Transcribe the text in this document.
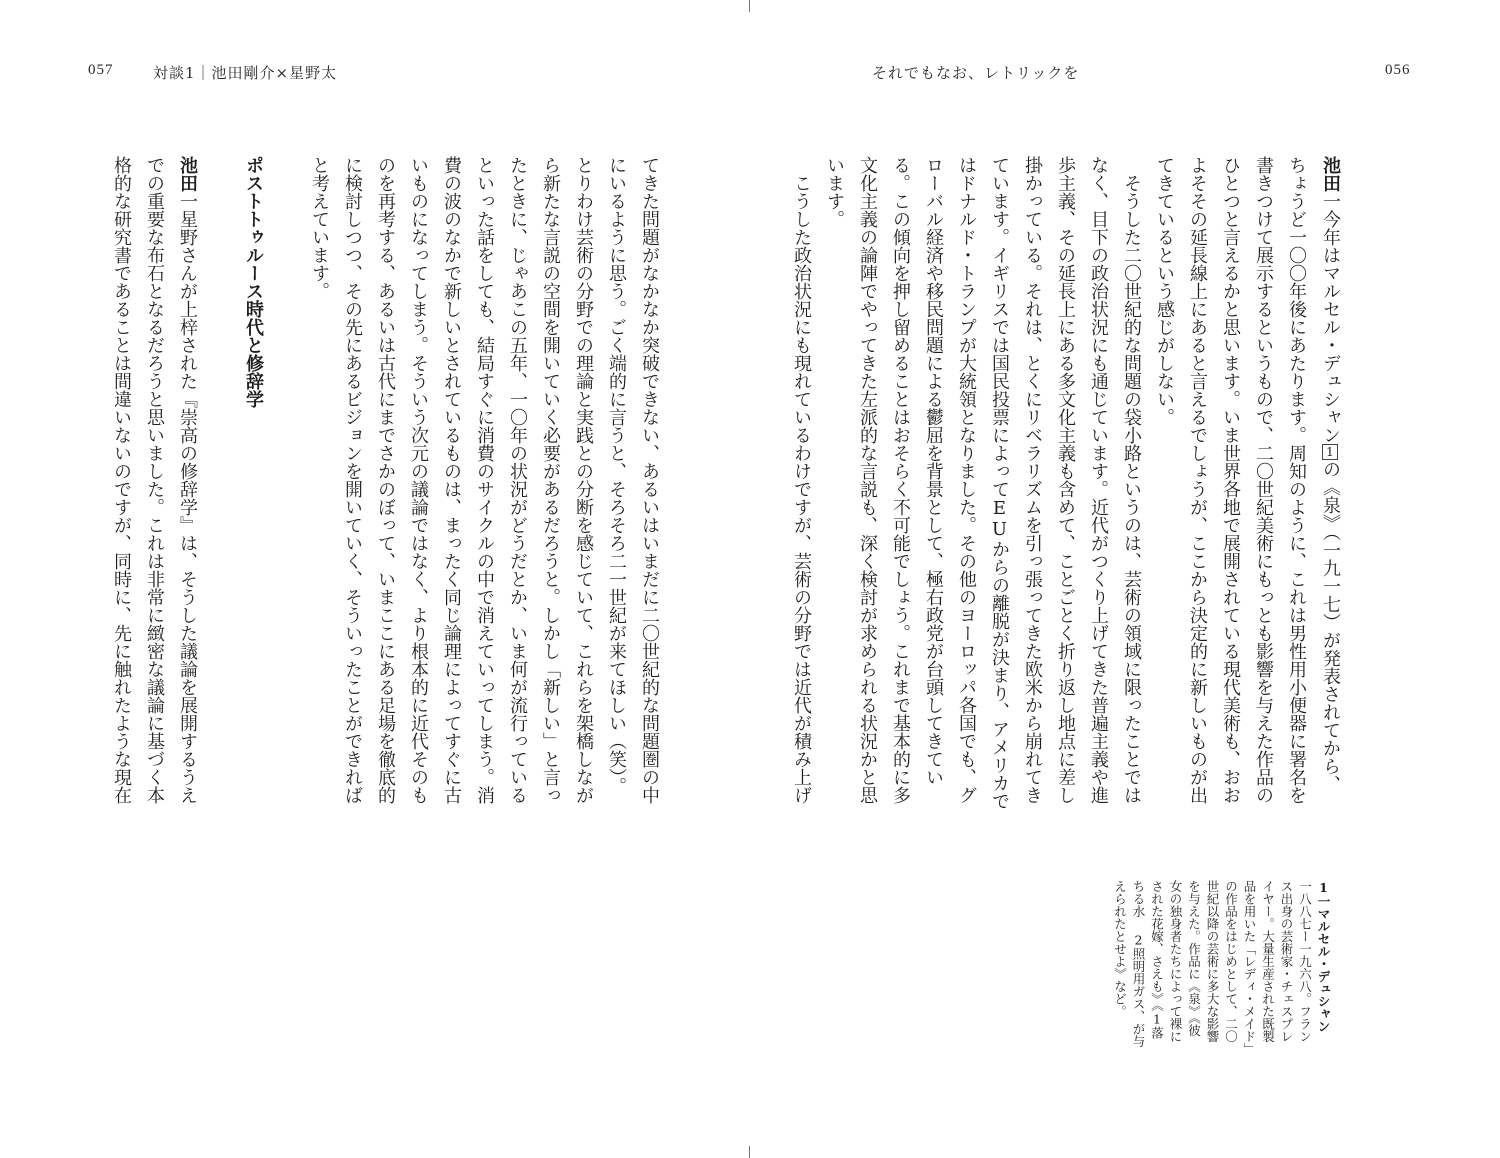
057	対談1｜池田剛介×星野太
てきた問題がなかなか突破できない、あるいはいまだに二〇世紀的な問題圏の中
にいるように思う。ごく端的に言うと、そろそろ二一世紀が来てほしい（笑）。
とりわけ芸術の分野での理論と実践との分断を感じていて、これらを架橋しなが
ら新たな言説の空間を開いていく必要があるだろうと。しかし「新しい」と言っ
たときに、じゃあこの五年、一〇年の状況がどうだとか、いま何が流行っている
といった話をしても、結局すぐに消費のサイクルの中で消えていってしまう。消
費の波のなかで新しいとされているものは、まったく同じ論理によってすぐに古
いものになってしまう。そういう次元の議論ではなく、より根本的に近代そのも
のを再考する、あるいは古代にまでさかのぼって、いまここにある足場を徹底的
に検討しつつ、その先にあるビジョンを開いていく、そういったことができれば
と考えています。

ポストトゥルース時代と修辞学

池田一星野さんが上梓された『崇高の修辞学』は、そうした議論を展開するうえ
での重要な布石となるだろうと思いました。これは非常に緻密な議論に基づく本
格的な研究書であることは間違いないのですが、同時に、先に触れたような現在
それでもなお、レトリックを	056
池田一今年はマルセル・デュシャン1の《泉》（一九一七）が発表されてから、
ちょうど一〇〇年後にあたります。周知のように、これは男性用小便器に署名を
書きつけて展示するというもので、二〇世紀美術にもっとも影響を与えた作品の
ひとつと言えるかと思います。いま世界各地で展開されている現代美術も、おお
よそその延長線上にあると言えるでしょうが、ここから決定的に新しいものが出
てきているという感じがしない。
　そうした二〇世紀的な問題の袋小路というのは、芸術の領域に限ったことでは
なく、目下の政治状況にも通じています。近代がつくり上げてきた普遍主義や進
歩主義、その延長上にある多文化主義も含めて、ことごとく折り返し地点に差し
掛かっている。それは、とくにリベラリズムを引っ張ってきた欧米から崩れてき
ています。イギリスでは国民投票によってEUからの離脱が決まり、アメリカで
はドナルド・トランプが大統領となりました。その他のヨーロッパ各国でも、グ
ローバル経済や移民問題による鬱屈を背景として、極右政党が台頭してきてい
る。この傾向を押し留めることはおそらく不可能でしょう。これまで基本的に多
文化主義の論陣でやってきた左派的な言説も、深く検討が求められる状況かと思
います。
　こうした政治状況にも現れているわけですが、芸術の分野では近代が積み上げ
1一マルセル・デュシャン
一八八七ー一九六八。フラン
ス出身の芸術家・チェスプレ
イヤー。大量生産された既製
品を用いた「レディ・メイド」
の作品をはじめとして、二〇
世紀以降の芸術に多大な影響
を与えた。作品に《泉》《彼
女の独身者たちによって裸に
された花嫁、さえも》《1落
ちる水 2照明用ガス、が与
えられたとせよ》など。
